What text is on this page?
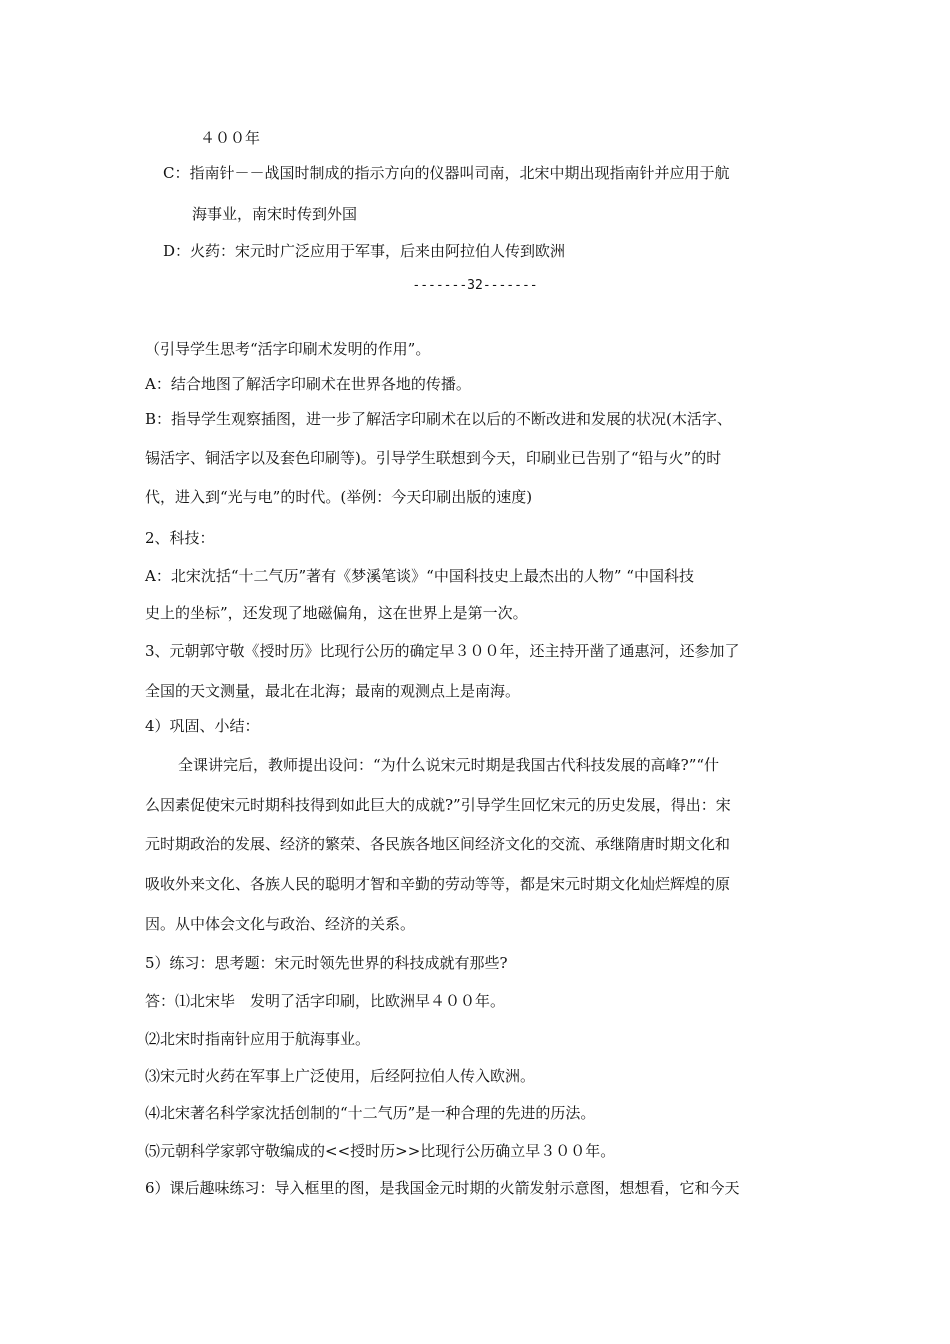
４００年
C：指南针－－战国时制成的指示方向的仪器叫司南，北宋中期出现指南针并应用于航
海事业，南宋时传到外国
D：火药：宋元时广泛应用于军事，后来由阿拉伯人传到欧洲
-------32-------
（引导学生思考“活字印刷术发明的作用”。
A：结合地图了解活字印刷术在世界各地的传播。
B：指导学生观察插图，进一步了解活字印刷术在以后的不断改进和发展的状况(木活字、
锡活字、铜活字以及套色印刷等)。引导学生联想到今天，印刷业已告别了“铅与火”的时
代，进入到“光与电”的时代。(举例：今天印刷出版的速度)
2、科技：
A：北宋沈括“十二气历”著有《梦溪笔谈》“中国科技史上最杰出的人物” “中国科技
史上的坐标”，还发现了地磁偏角，这在世界上是第一次。
3、元朝郭守敬《授时历》比现行公历的确定早３００年，还主持开凿了通惠河，还参加了
全国的天文测量，最北在北海；最南的观测点上是南海。
4）巩固、小结：
全课讲完后，教师提出设问：“为什么说宋元时期是我国古代科技发展的高峰?”“什
么因素促使宋元时期科技得到如此巨大的成就?”引导学生回忆宋元的历史发展，得出：宋
元时期政治的发展、经济的繁荣、各民族各地区间经济文化的交流、承继隋唐时期文化和
吸收外来文化、各族人民的聪明才智和辛勤的劳动等等，都是宋元时期文化灿烂辉煌的原
因。从中体会文化与政治、经济的关系。
5）练习：思考题：宋元时领先世界的科技成就有那些?
答：⑴北宋毕　发明了活字印刷，比欧洲早４００年。
⑵北宋时指南针应用于航海事业。
⑶宋元时火药在军事上广泛使用，后经阿拉伯人传入欧洲。
⑷北宋著名科学家沈括创制的“十二气历”是一种合理的先进的历法。
⑸元朝科学家郭守敬编成的<<授时历>>比现行公历确立早３００年。
6）课后趣味练习：导入框里的图，是我国金元时期的火箭发射示意图，想想看，它和今天
